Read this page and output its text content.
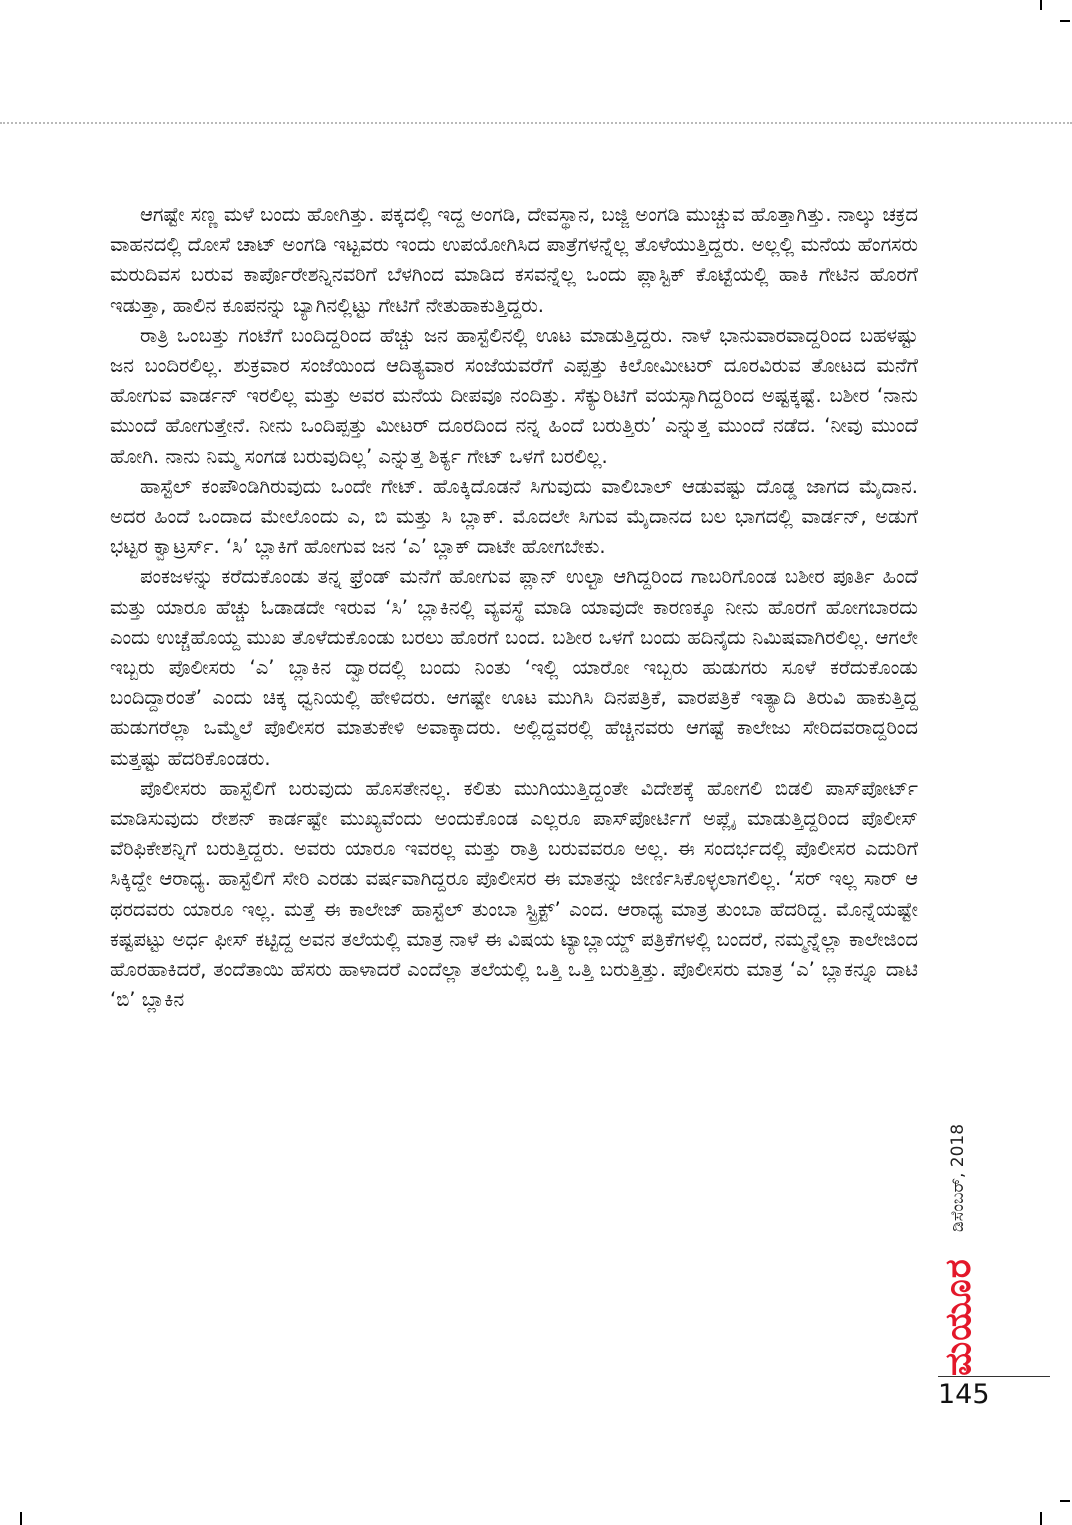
ಆಗಷ್ಟೇ ಸಣ್ಣ ಮಳೆ ಬಂದು ಹೋಗಿತ್ತು. ಪಕ್ಕದಲ್ಲಿ ಇದ್ದ ಅಂಗಡಿ, ದೇವಸ್ಥಾನ, ಬಜ್ಜಿ ಅಂಗಡಿ ಮುಚ್ಚುವ ಹೊತ್ತಾಗಿತ್ತು. ನಾಲ್ಕು ಚಕ್ರದ ವಾಹನದಲ್ಲಿ ದೋಸೆ ಚಾಟ್ ಅಂಗಡಿ ಇಟ್ಟವರು ಇಂದು ಉಪಯೋಗಿಸಿದ ಪಾತ್ರೆಗಳನ್ನೆಲ್ಲ ತೊಳೆಯುತ್ತಿದ್ದರು. ಅಲ್ಲಲ್ಲಿ ಮನೆಯ ಹೆಂಗಸರು ಮರುದಿವಸ ಬರುವ ಕಾರ್ಪೊರೇಶನ್ನಿನವರಿಗೆ ಬೆಳಗಿಂದ ಮಾಡಿದ ಕಸವನ್ನೆಲ್ಲ ಒಂದು ಪ್ಲಾಸ್ಟಿಕ್ ಕೊಟ್ಟೆಯಲ್ಲಿ ಹಾಕಿ ಗೇಟಿನ ಹೊರಗೆ ಇಡುತ್ತಾ, ಹಾಲಿನ ಕೂಪನನ್ನು ಬ್ಯಾಗಿನಲ್ಲಿಟ್ಟು ಗೇಟಿಗೆ ನೇತುಹಾಕುತ್ತಿದ್ದರು.

ರಾತ್ರಿ ಒಂಬತ್ತು ಗಂಟೆಗೆ ಬಂದಿದ್ದರಿಂದ ಹೆಚ್ಚು ಜನ ಹಾಸ್ಟೆಲಿನಲ್ಲಿ ಊಟ ಮಾಡುತ್ತಿದ್ದರು. ನಾಳೆ ಭಾನುವಾರವಾದ್ದರಿಂದ ಬಹಳಷ್ಟು ಜನ ಬಂದಿರಲಿಲ್ಲ. ಶುಕ್ರವಾರ ಸಂಜೆಯಿಂದ ಆದಿತ್ಯವಾರ ಸಂಜೆಯವರೆಗೆ ಎಪ್ಪತ್ತು ಕಿಲೋಮೀಟರ್ ದೂರವಿರುವ ತೋಟದ ಮನೆಗೆ ಹೋಗುವ ವಾರ್ಡನ್ ಇರಲಿಲ್ಲ ಮತ್ತು ಅವರ ಮನೆಯ ದೀಪವೂ ನಂದಿತ್ತು. ಸೆಕ್ಯುರಿಟಿಗೆ ವಯಸ್ಸಾಗಿದ್ದರಿಂದ ಅಷ್ಟಕ್ಕಷ್ಟೆ. ಬಶೀರ ‘ನಾನು ಮುಂದೆ ಹೋಗುತ್ತೇನೆ. ನೀನು ಒಂದಿಪ್ಪತ್ತು ಮೀಟರ್ ದೂರದಿಂದ ನನ್ನ ಹಿಂದೆ ಬರುತ್ತಿರು’ ಎನ್ನುತ್ತ ಮುಂದೆ ನಡೆದ. ‘ನೀವು ಮುಂದೆ ಹೋಗಿ. ನಾನು ನಿಮ್ಮ ಸಂಗಡ ಬರುವುದಿಲ್ಲ’ ಎನ್ನುತ್ತ ಶಿರ್ಕ್ಯ ಗೇಟ್ ಒಳಗೆ ಬರಲಿಲ್ಲ.

ಹಾಸ್ಟೆಲ್ ಕಂಪೌಂಡಿಗಿರುವುದು ಒಂದೇ ಗೇಟ್. ಹೊಕ್ಕಿದೊಡನೆ ಸಿಗುವುದು ವಾಲಿಬಾಲ್ ಆಡುವಷ್ಟು ದೊಡ್ಡ ಜಾಗದ ಮೈದಾನ. ಅದರ ಹಿಂದೆ ಒಂದಾದ ಮೇಲೊಂದು ಎ, ಬಿ ಮತ್ತು ಸಿ ಬ್ಲಾಕ್. ಮೊದಲೇ ಸಿಗುವ ಮೈದಾನದ ಬಲ ಭಾಗದಲ್ಲಿ ವಾರ್ಡನ್, ಅಡುಗೆ ಭಟ್ಟರ ಕ್ವಾಟ್ರರ್ಸ್. ‘ಸಿ’ ಬ್ಲಾಕಿಗೆ ಹೋಗುವ ಜನ ‘ಎ’ ಬ್ಲಾಕ್ ದಾಟೇ ಹೋಗಬೇಕು.

ಪಂಕಜಳನ್ನು ಕರೆದುಕೊಂಡು ತನ್ನ ಫ್ರೆಂಡ್ ಮನೆಗೆ ಹೋಗುವ ಪ್ಲಾನ್ ಉಲ್ಟಾ ಆಗಿದ್ದರಿಂದ ಗಾಬರಿಗೊಂಡ ಬಶೀರ ಪೂರ್ತಿ ಹಿಂದೆ ಮತ್ತು ಯಾರೂ ಹೆಚ್ಚು ಓಡಾಡದೇ ಇರುವ ‘ಸಿ’ ಬ್ಲಾಕಿನಲ್ಲಿ ವ್ಯವಸ್ಥೆ ಮಾಡಿ ಯಾವುದೇ ಕಾರಣಕ್ಕೂ ನೀನು ಹೊರಗೆ ಹೋಗಬಾರದು ಎಂದು ಉಚ್ಚೆಹೊಯ್ದ ಮುಖ ತೊಳೆದುಕೊಂಡು ಬರಲು ಹೊರಗೆ ಬಂದ. ಬಶೀರ ಒಳಗೆ ಬಂದು ಹದಿನೈದು ನಿಮಿಷವಾಗಿರಲಿಲ್ಲ. ಆಗಲೇ ಇಬ್ಬರು ಪೊಲೀಸರು ‘ಎ’ ಬ್ಲಾಕಿನ ದ್ವಾರದಲ್ಲಿ ಬಂದು ನಿಂತು ‘ಇಲ್ಲಿ ಯಾರೋ ಇಬ್ಬರು ಹುಡುಗರು ಸೂಳೆ ಕರೆದುಕೊಂಡು ಬಂದಿದ್ದಾರಂತೆ’ ಎಂದು ಚಿಕ್ಕ ಧ್ವನಿಯಲ್ಲಿ ಹೇಳಿದರು. ಆಗಷ್ಟೇ ಊಟ ಮುಗಿಸಿ ದಿನಪತ್ರಿಕೆ, ವಾರಪತ್ರಿಕೆ ಇತ್ಯಾದಿ ತಿರುವಿ ಹಾಕುತ್ತಿದ್ದ ಹುಡುಗರೆಲ್ಲಾ ಒಮ್ಮೆಲೆ ಪೊಲೀಸರ ಮಾತುಕೇಳಿ ಅವಾಕ್ಕಾದರು. ಅಲ್ಲಿದ್ದವರಲ್ಲಿ ಹೆಚ್ಚಿನವರು ಆಗಷ್ಟೆ ಕಾಲೇಜು ಸೇರಿದವರಾದ್ದರಿಂದ ಮತ್ತಷ್ಟು ಹೆದರಿಕೊಂಡರು.

ಪೊಲೀಸರು ಹಾಸ್ಟೆಲಿಗೆ ಬರುವುದು ಹೊಸತೇನಲ್ಲ. ಕಲಿತು ಮುಗಿಯುತ್ತಿದ್ದಂತೇ ವಿದೇಶಕ್ಕೆ ಹೋಗಲಿ ಬಿಡಲಿ ಪಾಸ್‌ಪೋರ್ಟ್ ಮಾಡಿಸುವುದು ರೇಶನ್ ಕಾರ್ಡಷ್ಟೇ ಮುಖ್ಯವೆಂದು ಅಂದುಕೊಂಡ ಎಲ್ಲರೂ ಪಾಸ್‌ಪೋರ್ಟಿಗೆ ಅಪ್ಲೈ ಮಾಡುತ್ತಿದ್ದರಿಂದ ಪೊಲೀಸ್ ವೆರಿಫಿಕೇಶನ್ನಿಗೆ ಬರುತ್ತಿದ್ದರು. ಅವರು ಯಾರೂ ಇವರಲ್ಲ ಮತ್ತು ರಾತ್ರಿ ಬರುವವರೂ ಅಲ್ಲ. ಈ ಸಂದರ್ಭದಲ್ಲಿ ಪೊಲೀಸರ ಎದುರಿಗೆ ಸಿಕ್ಕಿದ್ದೇ ಆರಾಧ್ಯ. ಹಾಸ್ಟೆಲಿಗೆ ಸೇರಿ ಎರಡು ವರ್ಷವಾಗಿದ್ದರೂ ಪೊಲೀಸರ ಈ ಮಾತನ್ನು ಜೀರ್ಣಿಸಿಕೊಳ್ಳಲಾಗಲಿಲ್ಲ. ‘ಸರ್ ಇಲ್ಲ ಸಾರ್ ಆ ಥರದವರು ಯಾರೂ ಇಲ್ಲ. ಮತ್ತೆ ಈ ಕಾಲೇಜ್ ಹಾಸ್ಟೆಲ್ ತುಂಬಾ ಸ್ಟ್ರಿಕ್ಟ್’ ಎಂದ. ಆರಾಧ್ಯ ಮಾತ್ರ ತುಂಬಾ ಹೆದರಿದ್ದ. ಮೊನ್ನೆಯಷ್ಟೇ ಕಷ್ಟಪಟ್ಟು ಅರ್ಧ ಫೀಸ್ ಕಟ್ಟಿದ್ದ ಅವನ ತಲೆಯಲ್ಲಿ ಮಾತ್ರ ನಾಳೆ ಈ ವಿಷಯ ಟ್ಯಾಬ್ಲಾಯ್ಡ್ ಪತ್ರಿಕೆಗಳಲ್ಲಿ ಬಂದರೆ, ನಮ್ಮನ್ನೆಲ್ಲಾ ಕಾಲೇಜಿಂದ ಹೊರಹಾಕಿದರೆ, ತಂದೆತಾಯಿ ಹೆಸರು ಹಾಳಾದರೆ ಎಂದೆಲ್ಲಾ ತಲೆಯಲ್ಲಿ ಒತ್ತಿ ಒತ್ತಿ ಬರುತ್ತಿತ್ತು. ಪೊಲೀಸರು ಮಾತ್ರ ‘ಎ’ ಬ್ಲಾಕನ್ನೂ ದಾಟಿ ‘ಬಿ’ ಬ್ಲಾಕಿನ

ಡಿಸೆಂಬರ್, 2018
ಮಯೂರ
145
